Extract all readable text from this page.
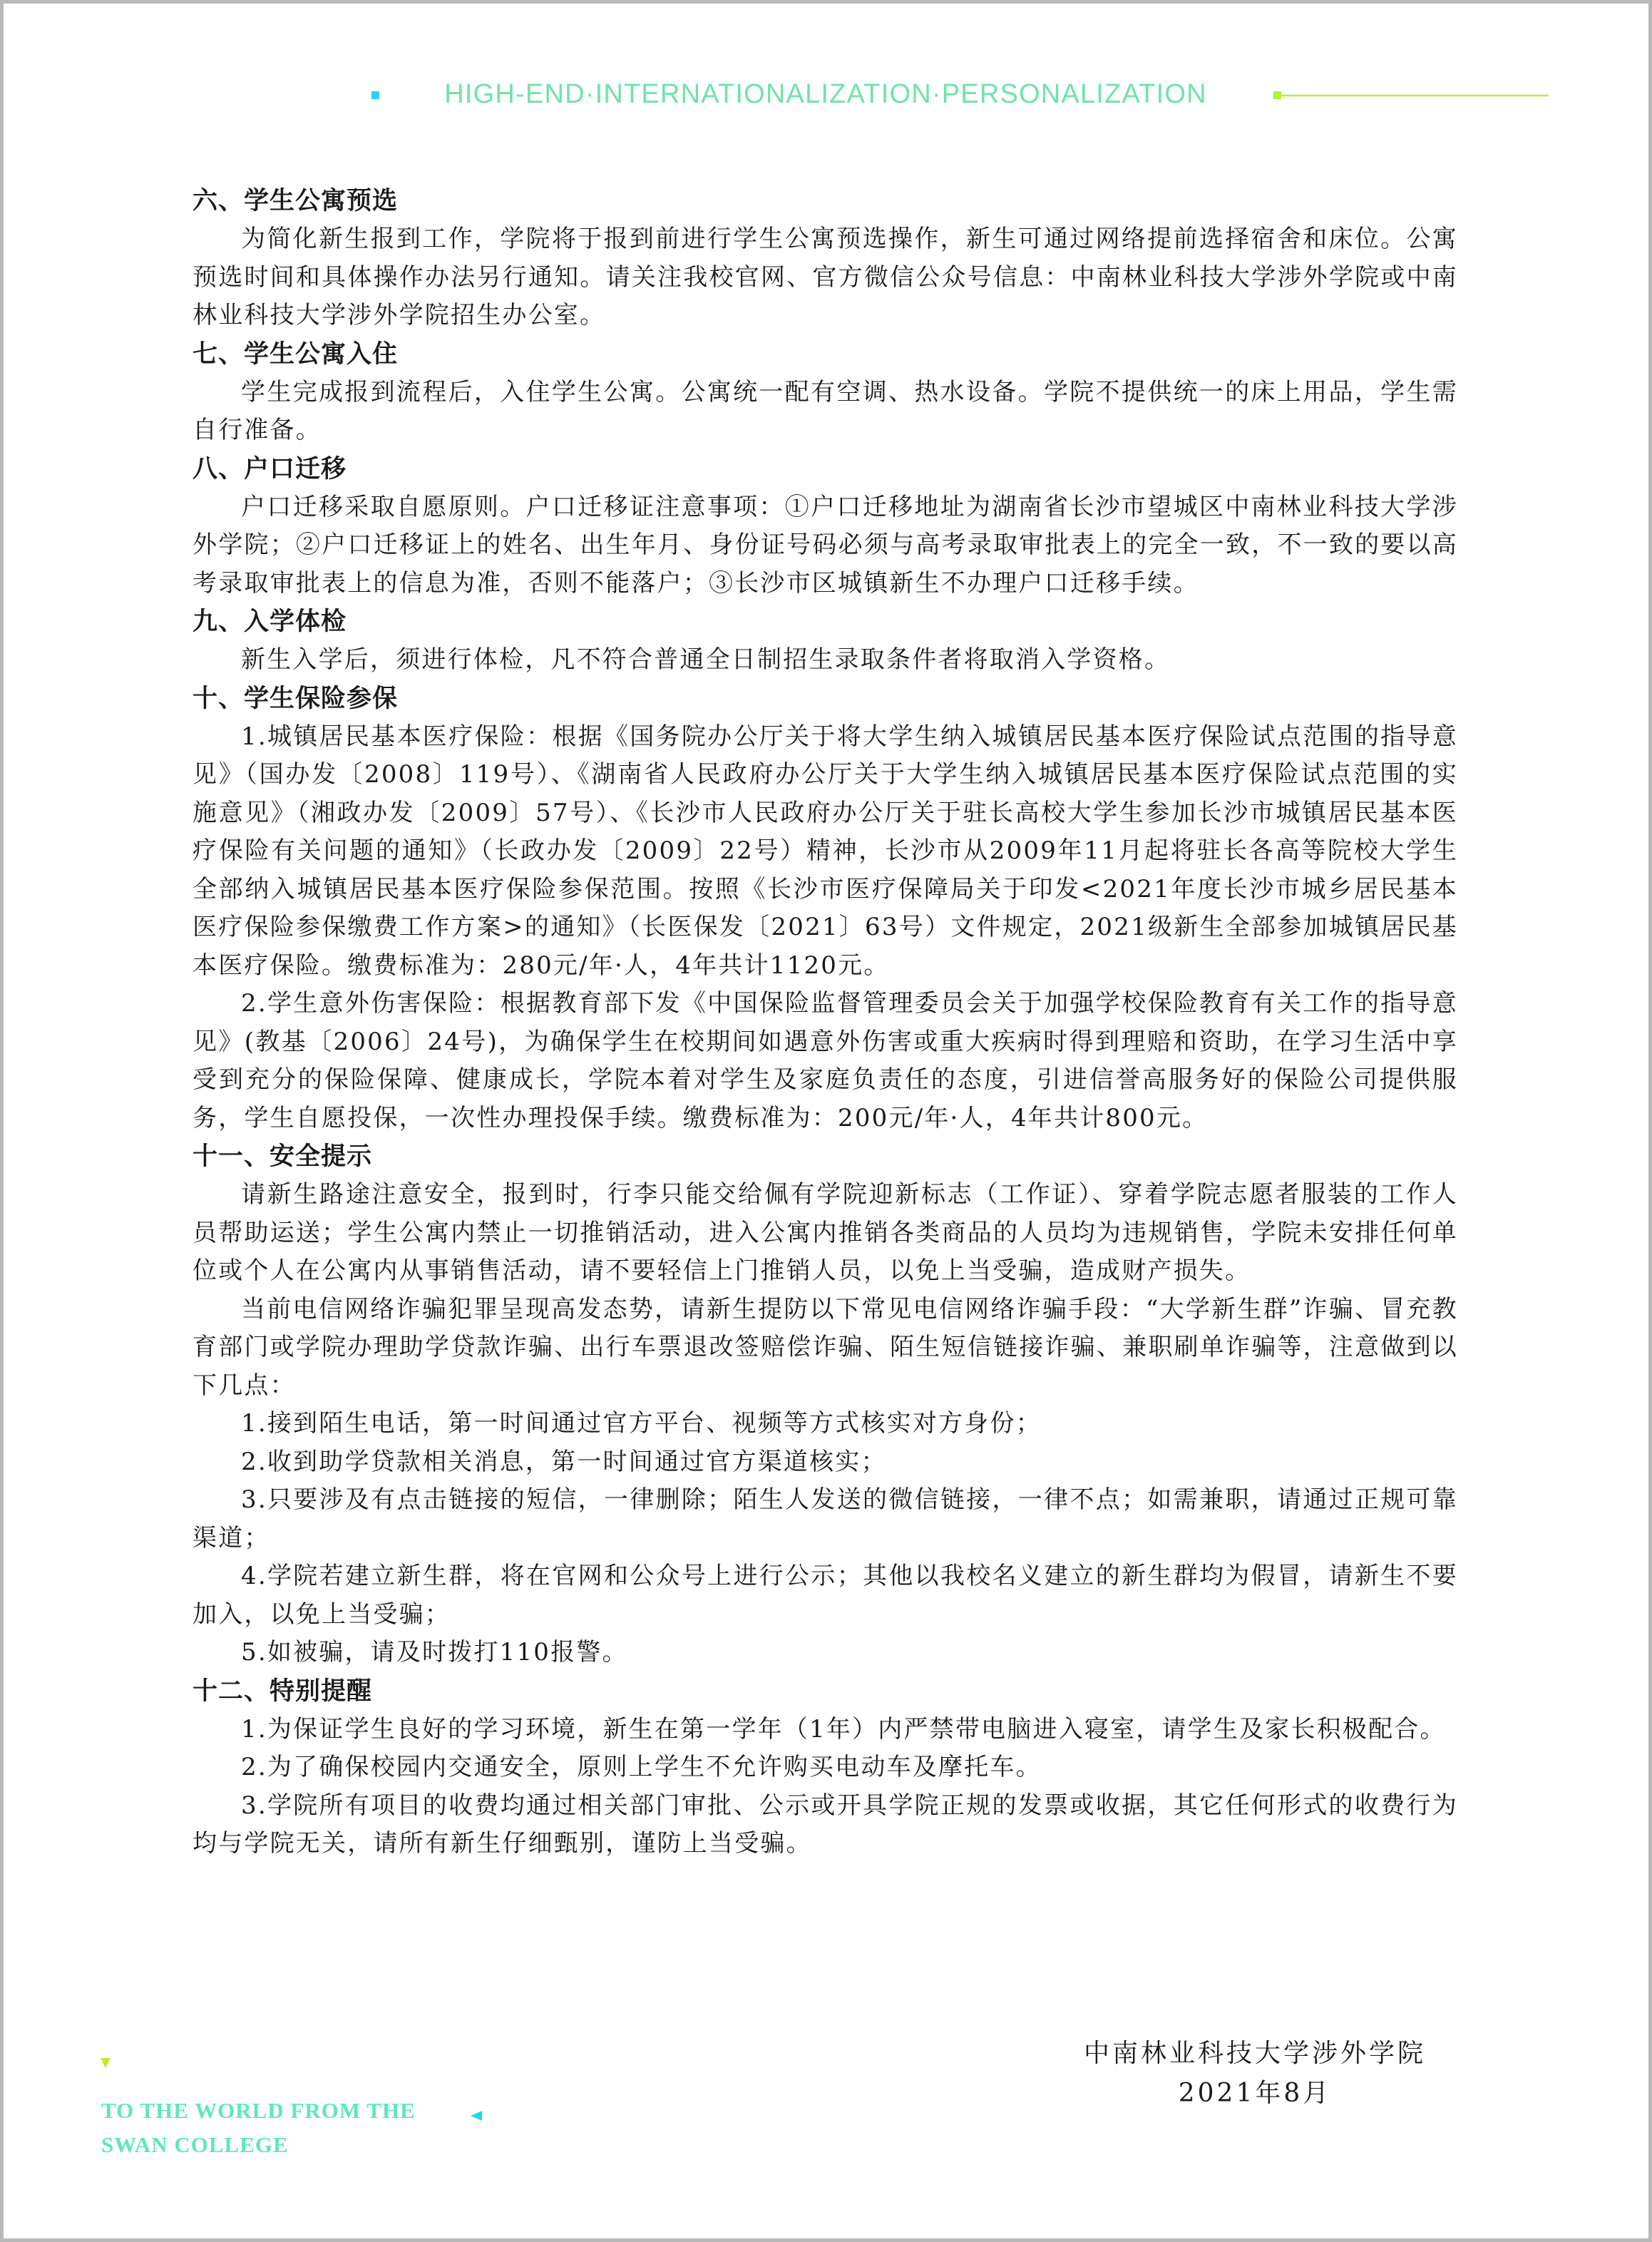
HIGH-END·INTERNATIONALIZATION·PERSONALIZATION
六、学生公寓预选

为简化新生报到工作，学院将于报到前进行学生公寓预选操作，新生可通过网络提前选择宿舍和床位。公寓预选时间和具体操作办法另行通知。请关注我校官网、官方微信公众号信息：中南林业科技大学涉外学院或中南林业科技大学涉外学院招生办公室。

七、学生公寓入住

学生完成报到流程后，入住学生公寓。公寓统一配有空调、热水设备。学院不提供统一的床上用品，学生需自行准备。

八、户口迁移

户口迁移采取自愿原则。户口迁移证注意事项：①户口迁移地址为湖南省长沙市望城区中南林业科技大学涉外学院；②户口迁移证上的姓名、出生年月、身份证号码必须与高考录取审批表上的完全一致，不一致的要以高考录取审批表上的信息为准，否则不能落户；③长沙市区城镇新生不办理户口迁移手续。

九、入学体检

新生入学后，须进行体检，凡不符合普通全日制招生录取条件者将取消入学资格。

十、学生保险参保

1.城镇居民基本医疗保险：根据《国务院办公厅关于将大学生纳入城镇居民基本医疗保险试点范围的指导意见》（国办发〔2008〕119号）、《湖南省人民政府办公厅关于大学生纳入城镇居民基本医疗保险试点范围的实施意见》（湘政办发〔2009〕57号）、《长沙市人民政府办公厅关于驻长高校大学生参加长沙市城镇居民基本医疗保险有关问题的通知》（长政办发〔2009〕22号）精神，长沙市从2009年11月起将驻长各高等院校大学生全部纳入城镇居民基本医疗保险参保范围。按照《长沙市医疗保障局关于印发<2021年度长沙市城乡居民基本医疗保险参保缴费工作方案>的通知》（长医保发〔2021〕63号）文件规定，2021级新生全部参加城镇居民基本医疗保险。缴费标准为：280元/年·人，4年共计1120元。

2.学生意外伤害保险：根据教育部下发《中国保险监督管理委员会关于加强学校保险教育有关工作的指导意见》(教基〔2006〕24号)，为确保学生在校期间如遇意外伤害或重大疾病时得到理赔和资助，在学习生活中享受到充分的保险保障、健康成长，学院本着对学生及家庭负责任的态度，引进信誉高服务好的保险公司提供服务，学生自愿投保，一次性办理投保手续。缴费标准为：200元/年·人，4年共计800元。

十一、安全提示

请新生路途注意安全，报到时，行李只能交给佩有学院迎新标志（工作证）、穿着学院志愿者服装的工作人员帮助运送；学生公寓内禁止一切推销活动，进入公寓内推销各类商品的人员均为违规销售，学院未安排任何单位或个人在公寓内从事销售活动，请不要轻信上门推销人员，以免上当受骗，造成财产损失。

当前电信网络诈骗犯罪呈现高发态势，请新生提防以下常见电信网络诈骗手段：“大学新生群”诈骗、冒充教育部门或学院办理助学贷款诈骗、出行车票退改签赔偿诈骗、陌生短信链接诈骗、兼职刷单诈骗等，注意做到以下几点：

1.接到陌生电话，第一时间通过官方平台、视频等方式核实对方身份；

2.收到助学贷款相关消息，第一时间通过官方渠道核实；

3.只要涉及有点击链接的短信，一律删除；陌生人发送的微信链接，一律不点；如需兼职，请通过正规可靠渠道；

4.学院若建立新生群，将在官网和公众号上进行公示；其他以我校名义建立的新生群均为假冒，请新生不要加入，以免上当受骗；

5.如被骗，请及时拨打110报警。

十二、特别提醒

1.为保证学生良好的学习环境，新生在第一学年（1年）内严禁带电脑进入寝室，请学生及家长积极配合。

2.为了确保校园内交通安全，原则上学生不允许购买电动车及摩托车。

3.学院所有项目的收费均通过相关部门审批、公示或开具学院正规的发票或收据，其它任何形式的收费行为均与学院无关，请所有新生仔细甄别，谨防上当受骗。

中南林业科技大学涉外学院
2021年8月
TO THE WORLD FROM THE
SWAN COLLEGE
